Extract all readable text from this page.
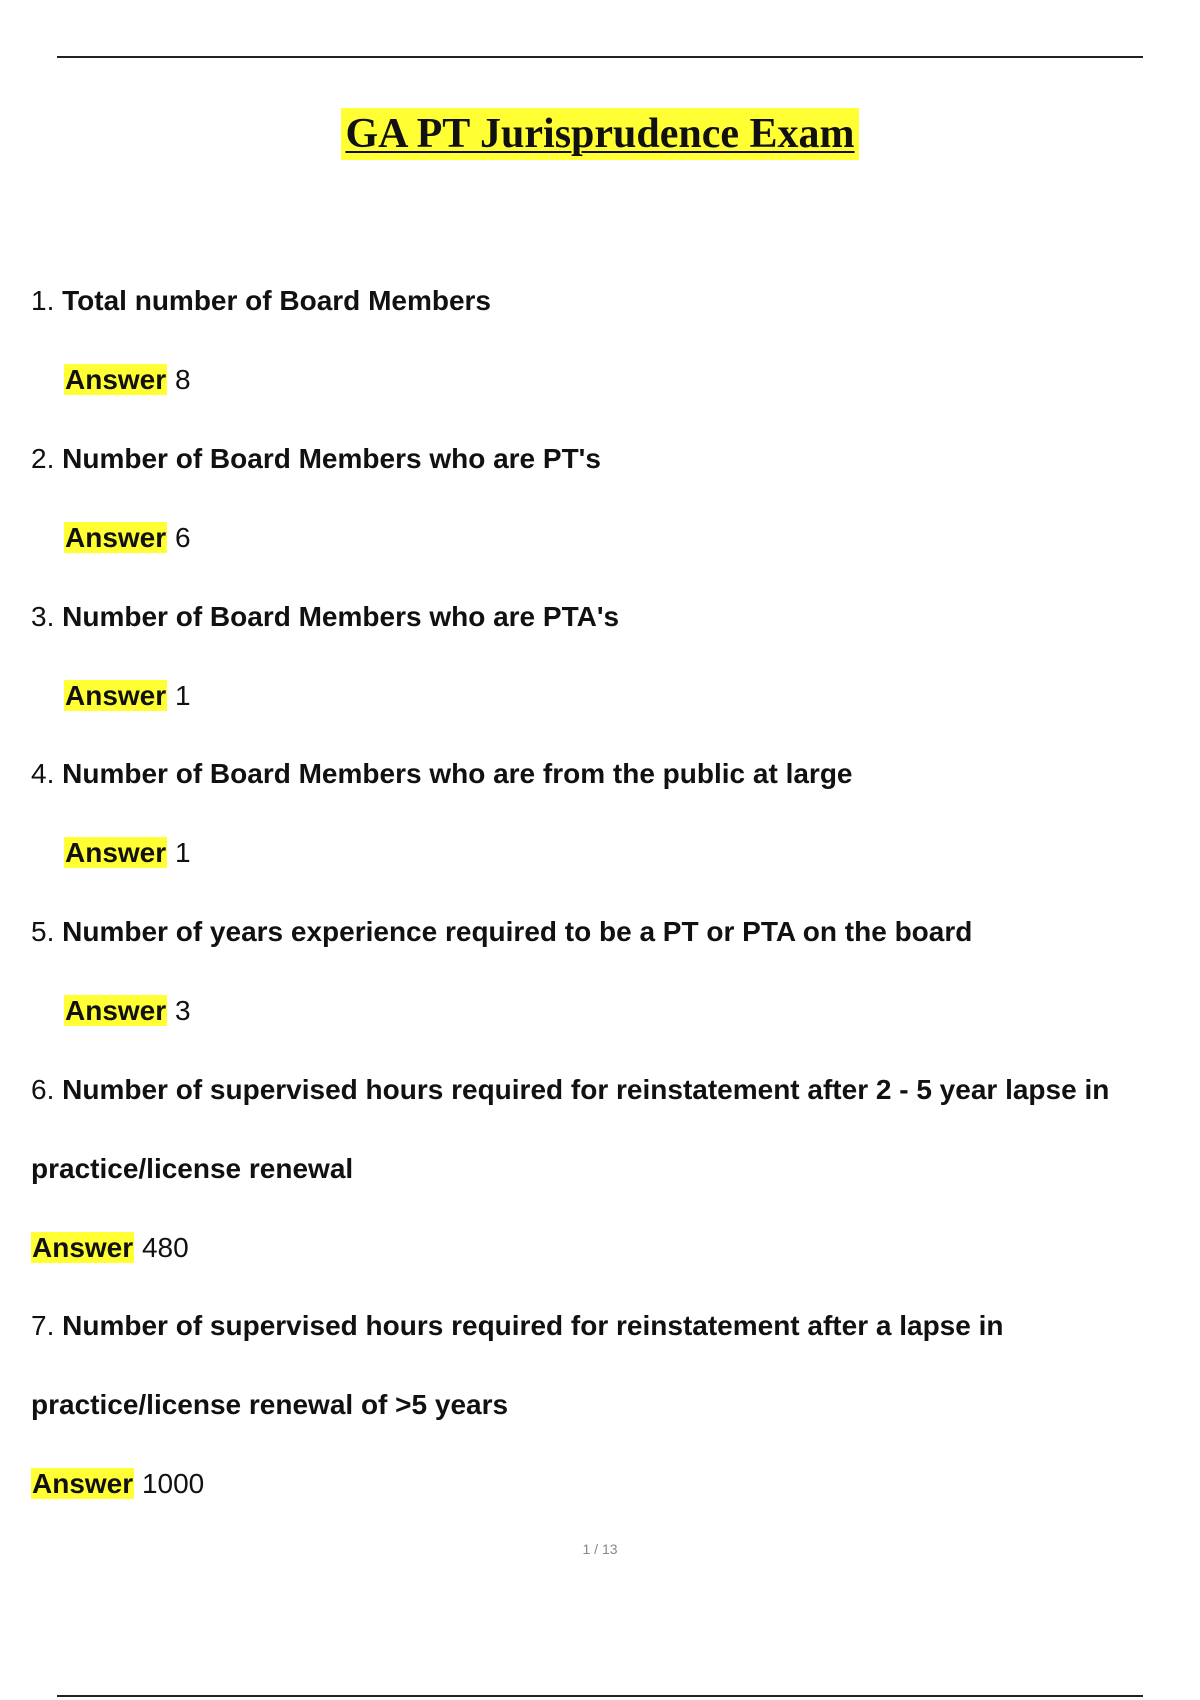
GA PT Jurisprudence Exam
1. Total number of Board Members
Answer 8
2. Number of Board Members who are PT's
Answer 6
3. Number of Board Members who are PTA's
Answer 1
4. Number of Board Members who are from the public at large
Answer 1
5. Number of years experience required to be a PT or PTA on the board
Answer 3
6. Number of supervised hours required for reinstatement after 2 - 5 year lapse in
practice/license renewal
Answer 480
7. Number of supervised hours required for reinstatement after a lapse in
practice/license renewal of >5 years
Answer 1000
1 / 13
